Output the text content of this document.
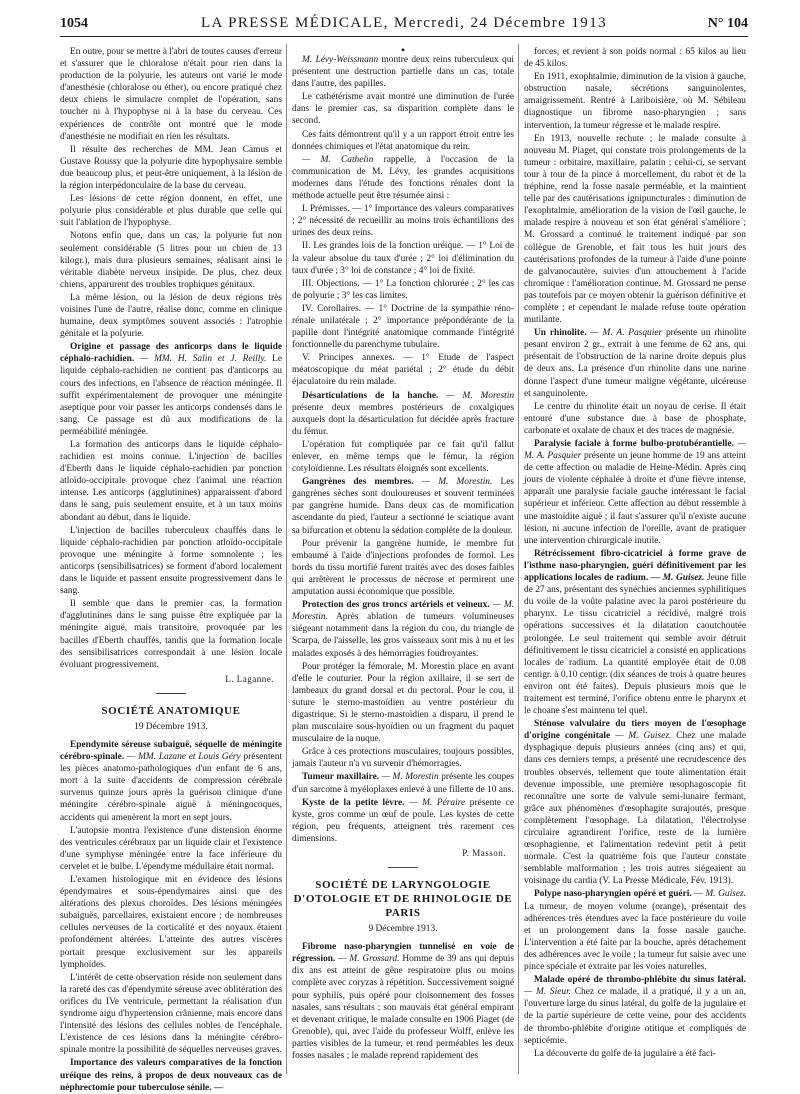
1054	LA PRESSE MÉDICALE, Mercredi, 24 Décembre 1913	N° 104

En outre, pour se mettre à l'abri de toutes causes d'erreur et s'assurer que le chloralose n'était pour rien dans la production de la polyurie, les auteurs ont varié le mode d'anesthésie (chloralose ou éther), ou encore pratiqué chez deux chiens le simulacre complet de l'opération, sans toucher ni à l'hypophyse ni à la base du cerveau. Ces expériences de contrôle ont montré que le mode d'anesthésie ne modifiait en rien les résultats.

Il résulte des recherches de MM. Jean Camus et Gustave Roussy que la polyurie dite hypophysaire semble due beaucoup plus, et peut-être uniquement, à la lésion de la région interpédonculaire de la base du cerveau.

Les lésions de cette région donnent, en effet, une polyurie plus considérable et plus durable que celle qui suit l'ablation de l'hypophyse.

Notons enfin que, dans un cas, la polyurie fut non seulement considérable (5 litres pour un chien de 13 kilogr.), mais dura plusieurs semaines, réalisant ainsi le véritable diabète nerveux insipide. De plus, chez deux chiens, apparurent des troubles trophiques génitaux.

La même lésion, ou la lésion de deux régions très voisines l'une de l'autre, réalise donc, comme en clinique humaine, deux symptômes souvent associés : l'atrophie génitale et la polyurie.

Origine et passage des anticorps dans le liquide céphalo-rachidien. — MM. H. Salin et J. Reilly. Le liquide céphalo-rachidien ne contient pas d'anticorps au cours des infections, en l'absence de réaction méningée. Il suffit expérimentalement de provoquer une méningite aseptique pour voir passer les anticorps condensés dans le sang. Ce passage est dû aux modifications de la perméabilité méningée.

La formation des anticorps dans le liquide céphalo-rachidien est moins connue. L'injection de bacilles d'Eberth dans le liquide céphalo-rachidien par ponction atloïdo-occipitale provoque chez l'animal une réaction intense. Les anticorps (agglutinines) apparaissent d'abord dans le sang, puis seulement ensuite, et à un taux moins abondant au début, dans le liquide.

L'injection de bacilles tuberculeux chauffés dans le liquide céphalo-rachidien par ponction atloïdo-occipitale provoque une méningite à forme somnolente ; les anticorps (sensibilisatrices) se forment d'abord localement dans le liquide et passent ensuite progressivement dans le sang.

Il semble que dans le premier cas, la formation d'agglutinines dans le sang puisse être expliquée par la méningite aiguë, mais transitoire, provoquée par les bacilles d'Eberth chauffés, tandis que la formation locale des sensibilisatrices correspondait à une lésion locale évoluant progressivement.

L. Laganne.

SOCIÉTÉ ANATOMIQUE
19 Décembre 1913.

Ependymite séreuse subaiguë, séquelle de méningite cérébro-spinale. — MM. Lazane et Louis Géry présentent les pièces anatomo-pathologiques d'un enfant de 6 ans, mort à la suite d'accidents de compression cérébrale survenus quinze jours après la guérison clinique d'une méningite cérébro-spinale aiguë à méningocoques, accidents qui amenèrent la mort en sept jours.

L'autopsie montra l'existence d'une distension énorme des ventricules cérébraux par un liquide clair et l'existence d'une symphyse méningée entre la face inférieure du cervelet et le bulbe. L'épendyme médullaire était normal.

L'examen histologique mit en évidence des lésions épendymaires et sous-épendymaires ainsi que des altérations des plexus choroïdes. Des lésions méningées subaiguës, parcellaires, existaient encore ; de nombreuses cellules nerveuses de la corticalité et des noyaux étaient profondément altérées. L'atteinte des autres viscères portait presque exclusivement sur les appareils lymphoïdes.

L'intérêt de cette observation réside non seulement dans la rareté des cas d'épendymite séreuse avec oblitération des orifices du IVe ventricule, permettant la réalisation d'un syndrome aigu d'hypertension crânienne, mais encore dans l'intensité des lésions des cellules nobles de l'encéphale. L'existence de ces lésions dans la méningite cérébro-spinale montre la possibilité de séquelles nerveuses graves.

Importance des valeurs comparatives de la fonction uréique des reins, à propos de deux nouveaux cas de néphrectomie pour tuberculose sénile. —

•

M. Lévy-Weissmann montre deux reins tuberculeux qui présentent une destruction partielle dans un cas, totale dans l'autre, des papilles.

Le cathétérisme avait montré une diminution de l'urée dans le premier cas, sa disparition complète dans le second.

Ces faits démontrent qu'il y a un rapport étroit entre les données chimiques et l'état anatomique du rein.

— M. Cathelin rappelle, à l'occasion de la communication de M. Lévy, les grandes acquisitions modernes dans l'étude des fonctions rénales dont la méthode actuelle peut être résumée ainsi :

I. Prémisses. — 1° Importance des valeurs comparatives ; 2° nécessité de recueillir au moins trois échantillons des urines des deux reins.

II. Les grandes lois de la fonction uréique. — 1° Loi de la valeur absolue du taux d'urée ; 2° loi d'élimination du taux d'urée ; 3° loi de constance ; 4° loi de fixité.

III. Objections. — 1° La fonction chlorurée ; 2° les cas de polyurie ; 3° les cas limites.

IV. Corollaires. — 1° Doctrine de la sympathie réno-rénale unilatérale ; 2° importance prépondérante de la papille dont l'intégrité anatomique commande l'intégrité fonctionnelle du parenchyme tubulaire.

V. Principes annexes. — 1° Etude de l'aspect méatoscopique du méat pariétal ; 2° étude du débit éjaculatoire du rein malade.

Désarticulations de la hanche. — M. Morestin présente deux membres postérieurs de coxalgiques auxquels dont la désarticulation fut décidée après fracture du fémur.

L'opération fut compliquée par ce fait qu'il fallut enlever, en même temps que le fémur, la région cotyloïdienne. Les résultats éloignés sont excellents.

Gangrènes des membres. — M. Morestin. Les gangrènes sèches sont douloureuses et souvent terminées par gangrène humide. Dans deux cas de momification ascendante du pied, l'auteur a sectionné le sciatique avant sa bifurcation et obtenu la sédation complète de la douleur.

Pour prévenir la gangrène humide, le membre fut embaumé à l'aide d'injections profondes de formol. Les bords du tissu mortifié furent traités avec des doses faibles qui arrêtèrent le processus de nécrose et permirent une amputation aussi économique que possible.

Protection des gros troncs artériels et veineux. — M. Morestin. Après ablation de tumeurs volumineuses siégeant notamment dans la région du cou, du triangle de Scarpa, de l'aisselle, les gros vaisseaux sont mis à nu et les malades exposés à des hémorragies foudroyantes.

Pour protéger la fémorale, M. Morestin place en avant d'elle le couturier. Pour la région axillaire, il se sert de lambeaux du grand dorsal et du pectoral. Pour le cou, il suture le sterno-mastoïdien au ventre postérieur du digastrique. Si le sterno-mastoïdien a disparu, il prend le plan musculaire sous-hyoïdien ou un fragment du paquet musculaire de la nuque.

Grâce à ces protections musculaires, toujours possibles, jamais l'auteur n'a vu survenir d'hémorragies.

Tumeur maxillaire. — M. Morestin présente les coupes d'un sarcome à myéloplaxes enlevé à une fillette de 10 ans.

Kyste de la petite lèvre. — M. Péraire présente ce kyste, gros comme un œuf de poule. Les kystes de cette région, peu fréquents, atteignent très rarement ces dimensions.

P. Masson.

SOCIÉTÉ DE LARYNGOLOGIE D'OTOLOGIE ET DE RHINOLOGIE DE PARIS
9 Décembre 1913.

Fibrome naso-pharyngien tunnelisé en voie de régression. — M. Grossard. Homme de 39 ans qui depuis dix ans est atteint de gêne respiratoire plus ou moins complète avec coryzas à répétition. Successivement soigné pour syphilis, puis opéré pour cloisonnement des fosses nasales, sans résultats ; son mauvais état général empirant et devenant critique, le malade consulte en 1906 Piaget (de Grenoble), qui, avec l'aide du professeur Wolff, enlève les parties visibles de la tumeur, et rend perméables les deux fosses nasales ; le malade reprend rapidement des

forces, et revient à son poids normal : 65 kilos au lieu de 45 kilos.

En 1911, exophtalmie, diminution de la vision à gauche, obstruction nasale, sécrétions sanguinolentes, amaigrissement. Rentré à Lariboisière, où M. Sébileau diagnostique un fibrome naso-pharyngien ; sans intervention, la tumeur régresse et le malade respire.

En 1913, nouvelle rechute ; le malade consulte à nouveau M. Piaget, qui constate trois prolongements de la tumeur : orbitaire, maxillaire, palatin ; celui-ci, se servant tour à tour de la pince à morcellement, du rabot et de la tréphine, rend la fosse nasale perméable, et la maintient telle par des cautérisations ignipuncturales : diminution de l'exophtalmie, amélioration de la vision de l'œil gauche, le malade respire à nouveau et son état général s'améliore ; M. Grossard a continué le traitement indiqué par son collègue de Grenoble, et fait tous les huit jours des cautérisations profondes de la tumeur à l'aide d'une pointe de galvanocautère, suivies d'un attouchement à l'acide chromique : l'amélioration continue. M. Grossard ne pense pas toutefois par ce moyen obtenir la guérison définitive et complète ; et cependant le malade refuse toute opération mutilante.

Un rhinolite. — M. A. Pasquier présente un rhinolite pesant environ 2 gr., extrait à une femme de 62 ans, qui présentait de l'obstruction de la narine droite depuis plus de deux ans. La présence d'un rhinolite dans une narine donne l'aspect d'une tumeur maligne végétante, ulcéreuse et sanguinolente.

Le centre du rhinolite était un noyau de cerise. Il était entouré d'une substance due à base de phosphate, carbonate et oxalate de chaux et des traces de magnésie.

Paralysie faciale à forme bulbo-protubérantielle. — M. A. Pasquier présente un jeune homme de 19 ans atteint de cette affection ou maladie de Heine-Médin. Après cinq jours de violente céphalée à droite et d'une fièvre intense, apparaît une paralysie faciale gauche intéressant le facial supérieur et inférieur. Cette affection au début ressemble à une mastoïdite aiguë ; il faut s'assurer qu'il n'existe aucune lésion, ni aucune infection de l'oreille, avant de pratiquer une intervention chirurgicale inutile.

Rétrécissement fibro-cicatriciel à forme grave de l'isthme naso-pharyngien, guéri définitivement par les applications locales de radium. — M. Guisez. Jeune fille de 27 ans, présentant des synéchies anciennes syphilitiques du voile de la voûte palatine avec la paroi postérieure du pharynx. Le tissu cicatriciel a récidivé, malgré trois opérations successives et la dilatation caoutchoutée prolongée. Le seul traitement qui semble avoir détruit définitivement le tissu cicatriciel a consisté en applications locales de radium. La quantité employée était de 0.08 centigr. à 0,10 centigr. (dix séances de trois à quatre heures environ ont été faites). Depuis plusieurs mois que le traitement est terminé, l'orifice obtenu entre le pharynx et le choane s'est maintenu tel quel.

Sténose valvulaire du tiers moyen de l'œsophage d'origine congénitale — M. Guisez. Chez une malade dysphagique depuis plusieurs années (cinq ans) et qui, dans ces derniers temps, a présenté une recrudescence des troubles observés, tellement que toute alimentation était devenue impossible, une première œsophagoscopie fit reconnaître une sorte de valvule semi-lunaire fermant, grâce aux phénomènes d'œsophagite surajoutés, presque complètement l'œsophage. La dilatation, l'électrolyse circulaire agrandirent l'orifice, reste de la lumière œsophagienne, et l'alimentation redevint petit à petit normale. C'est la quatrième fois que l'auteur constate semblable malformation ; les trois autres siégeaient au voisinage du cardia (V. La Presse Médicale, Fév. 1913).

Polype naso-pharyngien opéré et guéri. — M. Guisez. La tumeur, de moyen volume (orange), présentait des adhérences très étendues avec la face postérieure du voile et un prolongement dans la fosse nasale gauche. L'intervention a été faite par la bouche, après détachement des adhérences avec le voile ; la tumeur fut saisie avec une pince spéciale et extraite par les voies naturelles.

Malade opéré de thrombo-phlébite du sinus latéral. — M. Sieur. Chez ce malade, il a pratiqué, il y a un an, l'ouverture large du sinus latéral, du golfe de la jugulaire et de la partie supérieure de cette veine, pour des accidents de thrombo-phlébite d'origine otitique et compliqués de septicémie.

La découverte du golfe de la jugulaire a été faci-
